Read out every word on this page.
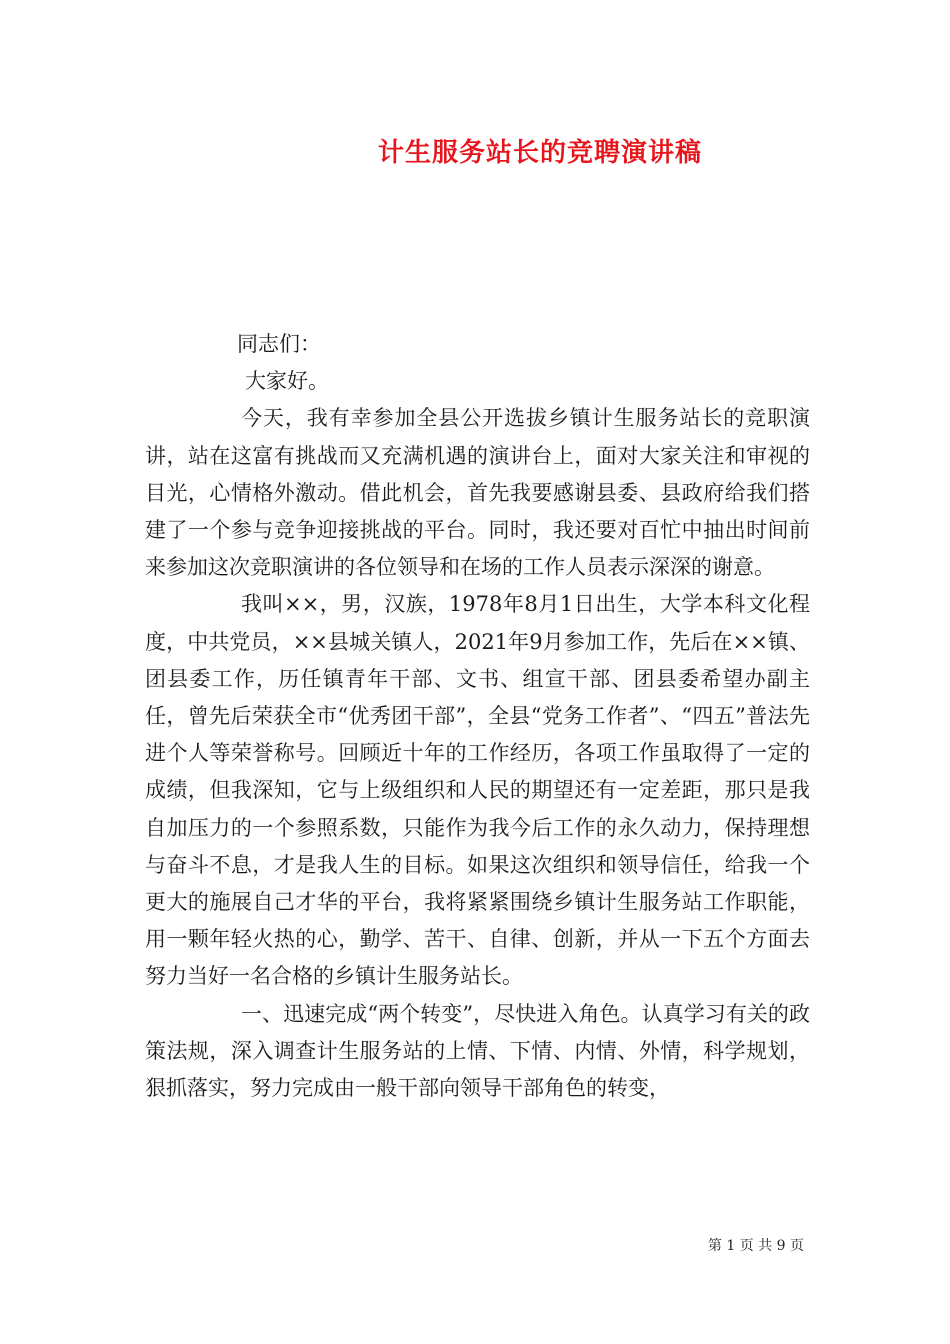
计生服务站长的竞聘演讲稿

同志们：

大家好。

今天，我有幸参加全县公开选拔乡镇计生服务站长的竞职演讲，站在这富有挑战而又充满机遇的演讲台上，面对大家关注和审视的目光，心情格外激动。借此机会，首先我要感谢县委、县政府给我们搭建了一个参与竞争迎接挑战的平台。同时，我还要对百忙中抽出时间前来参加这次竞职演讲的各位领导和在场的工作人员表示深深的谢意。

我叫××，男，汉族，1978年8月1日出生，大学本科文化程度，中共党员，××县城关镇人，2021年9月参加工作，先后在××镇、团县委工作，历任镇青年干部、文书、组宣干部、团县委希望办副主任，曾先后荣获全市“优秀团干部”，全县“党务工作者”、“四五”普法先进个人等荣誉称号。回顾近十年的工作经历，各项工作虽取得了一定的成绩，但我深知，它与上级组织和人民的期望还有一定差距，那只是我自加压力的一个参照系数，只能作为我今后工作的永久动力，保持理想与奋斗不息，才是我人生的目标。如果这次组织和领导信任，给我一个更大的施展自己才华的平台，我将紧紧围绕乡镇计生服务站工作职能，用一颗年轻火热的心，勤学、苦干、自律、创新，并从一下五个方面去努力当好一名合格的乡镇计生服务站长。

一、迅速完成“两个转变”，尽快进入角色。认真学习有关的政策法规，深入调查计生服务站的上情、下情、内情、外情，科学规划，狠抓落实，努力完成由一般干部向领导干部角色的转变，

第 1 页 共 9 页
